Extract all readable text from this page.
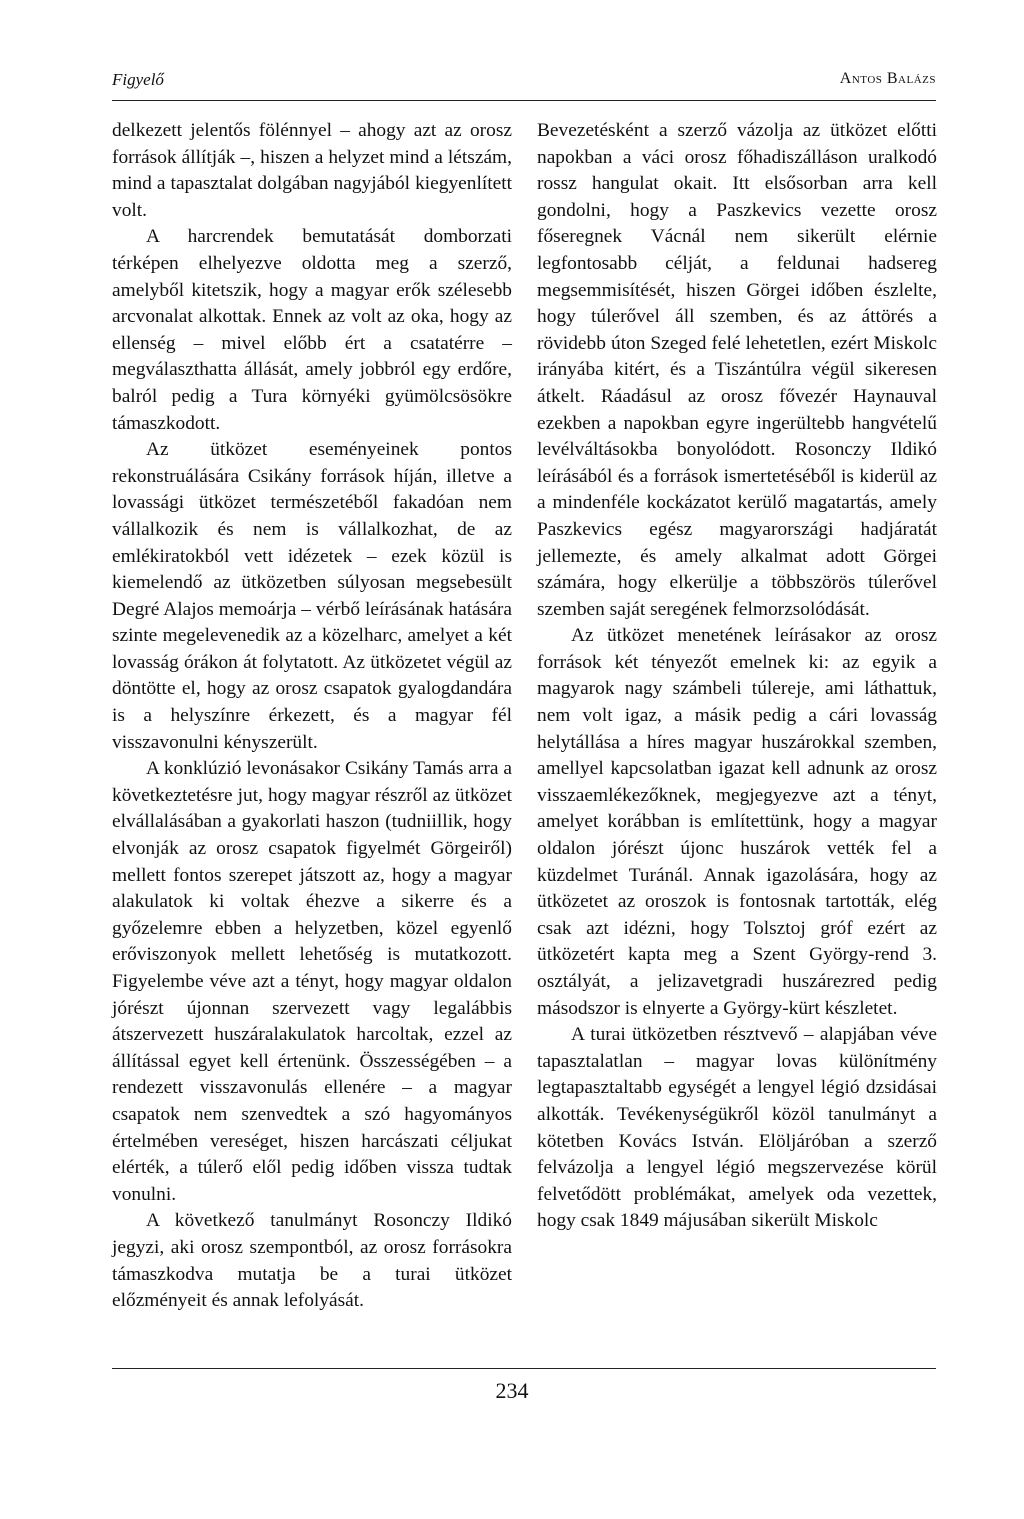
Figyelő	Antos Balázs

delkezett jelentős fölénnyel – ahogy azt az orosz források állítják –, hiszen a helyzet mind a létszám, mind a tapasztalat dolgában nagyjából kiegyenlített volt.

A harcrendek bemutatását domborzati térképen elhelyezve oldotta meg a szerző, amelyből kitetszik, hogy a magyar erők szélesebb arcvonalat alkottak. Ennek az volt az oka, hogy az ellenség – mivel előbb ért a csatatérre – megválaszthatta állását, amely jobbról egy erdőre, balról pedig a Tura környéki gyümölcsösökre támaszkodott.

Az ütközet eseményeinek pontos rekonstruálására Csikány források híján, illetve a lovassági ütközet természetéből fakadóan nem vállalkozik és nem is vállalkozhat, de az emlékiratokból vett idézetek – ezek közül is kiemelendő az ütközetben súlyosan megsebesült Degré Alajos memoárja – vérbő leírásának hatására szinte megelevenedik az a közelharc, amelyet a két lovasság órákon át folytatott. Az ütközetet végül az döntötte el, hogy az orosz csapatok gyalogdandára is a helyszínre érkezett, és a magyar fél visszavonulni kényszerült.

A konklúzió levonásakor Csikány Tamás arra a következtetésre jut, hogy magyar részről az ütközet elvállalásában a gyakorlati haszon (tudniillik, hogy elvonják az orosz csapatok figyelmét Görgeiről) mellett fontos szerepet játszott az, hogy a magyar alakulatok ki voltak éhezve a sikerre és a győzelemre ebben a helyzetben, közel egyenlő erőviszonyok mellett lehetőség is mutatkozott. Figyelembe véve azt a tényt, hogy magyar oldalon jórészt újonnan szervezett vagy legalábbis átszervezett huszáralakulatok harcoltak, ezzel az állítással egyet kell értenünk. Összességében – a rendezett visszavonulás ellenére – a magyar csapatok nem szenvedtek a szó hagyományos értelmében vereséget, hiszen harcászati céljukat elérték, a túlerő elől pedig időben vissza tudtak vonulni.

A következő tanulmányt Rosonczy Ildikó jegyzi, aki orosz szempontból, az orosz forrásokra támaszkodva mutatja be a turai ütközet előzményeit és annak lefolyását.

Bevezetésként a szerző vázolja az ütközet előtti napokban a váci orosz főhadiszálláson uralkodó rossz hangulat okait. Itt elsősorban arra kell gondolni, hogy a Paszkevics vezette orosz főseregnek Vácnál nem sikerült elérnie legfontosabb célját, a feldunai hadsereg megsemmisítését, hiszen Görgei időben észlelte, hogy túlerővel áll szemben, és az áttörés a rövidebb úton Szeged felé lehetetlen, ezért Miskolc irányába kitért, és a Tiszántúlra végül sikeresen átkelt. Ráadásul az orosz fővezér Haynauval ezekben a napokban egyre ingerültebb hangvételű levélváltásokba bonyolódott. Rosonczy Ildikó leírásából és a források ismertetéséből is kiderül az a mindenféle kockázatot kerülő magatartás, amely Paszkevics egész magyarországi hadjáratát jellemezte, és amely alkalmat adott Görgei számára, hogy elkerülje a többszörös túlerővel szemben saját seregének felmorzsolódását.

Az ütközet menetének leírásakor az orosz források két tényezőt emelnek ki: az egyik a magyarok nagy számbeli túlereje, ami láthattuk, nem volt igaz, a másik pedig a cári lovasság helytállása a híres magyar huszárokkal szemben, amellyel kapcsolatban igazat kell adnunk az orosz visszaemlékezőknek, megjegyezve azt a tényt, amelyet korábban is említettünk, hogy a magyar oldalon jórészt újonc huszárok vették fel a küzdelmet Turánál. Annak igazolására, hogy az ütközetet az oroszok is fontosnak tartották, elég csak azt idézni, hogy Tolsztoj gróf ezért az ütközetért kapta meg a Szent György-rend 3. osztályát, a jelizavetgradi huszárezred pedig másodszor is elnyerte a György-kürt készletet.

A turai ütközetben résztvevő – alapjában véve tapasztalatlan – magyar lovas különítmény legtapasztaltabb egységét a lengyel légió dzsidásai alkották. Tevékenységükről közöl tanulmányt a kötetben Kovács István. Elöljáróban a szerző felvázolja a lengyel légió megszervezése körül felvetődött problémákat, amelyek oda vezettek, hogy csak 1849 májusában sikerült Miskolc

234
